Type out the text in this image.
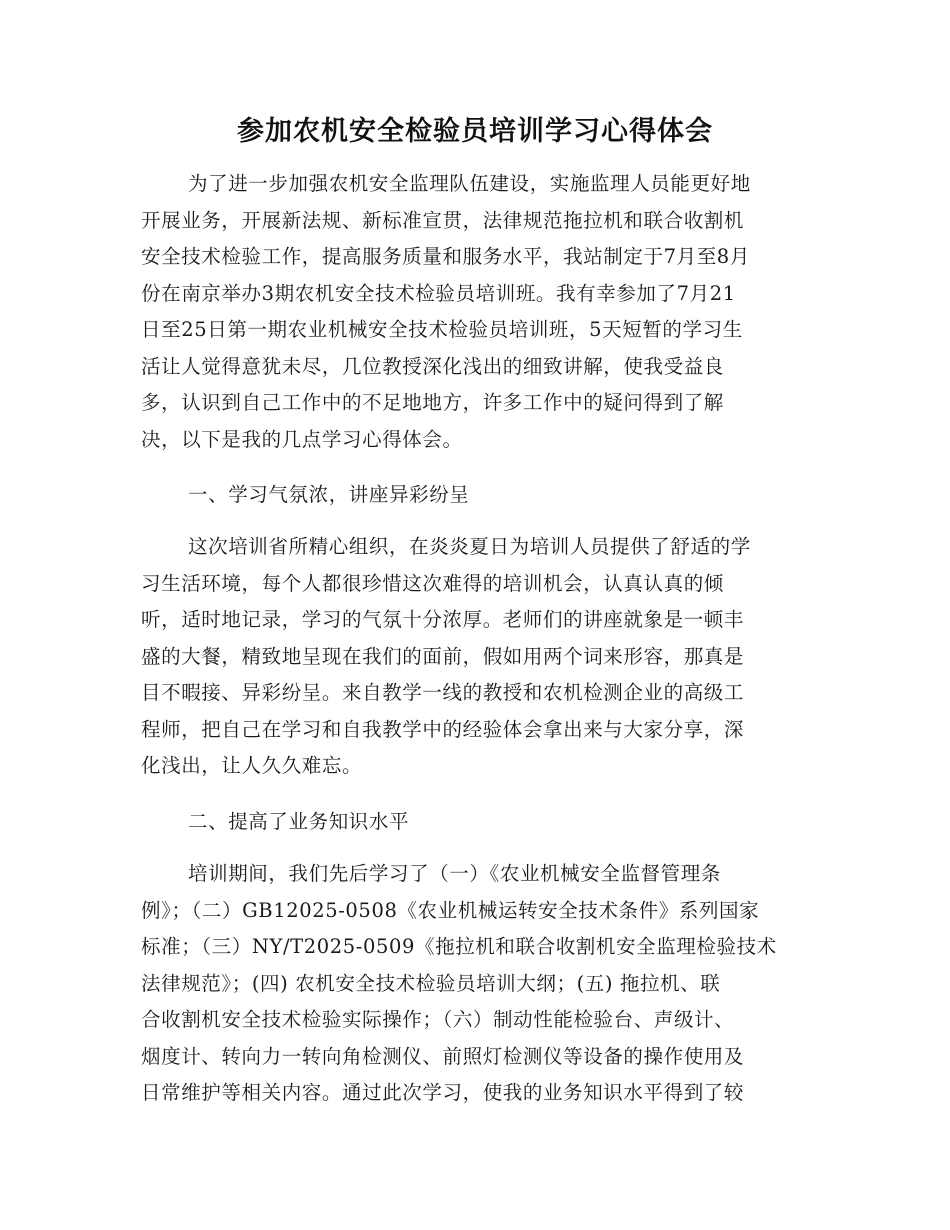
参加农机安全检验员培训学习心得体会
为了进一步加强农机安全监理队伍建设，实施监理人员能更好地
开展业务，开展新法规、新标准宣贯，法律规范拖拉机和联合收割机
安全技术检验工作，提高服务质量和服务水平，我站制定于7月至8月
份在南京举办3期农机安全技术检验员培训班。我有幸参加了7月21
日至25日第一期农业机械安全技术检验员培训班，5天短暂的学习生
活让人觉得意犹未尽，几位教授深化浅出的细致讲解，使我受益良
多，认识到自己工作中的不足地地方，许多工作中的疑问得到了解
决，以下是我的几点学习心得体会。
一、学习气氛浓，讲座异彩纷呈
这次培训省所精心组织，在炎炎夏日为培训人员提供了舒适的学
习生活环境，每个人都很珍惜这次难得的培训机会，认真认真的倾
听，适时地记录，学习的气氛十分浓厚。老师们的讲座就象是一顿丰
盛的大餐，精致地呈现在我们的面前，假如用两个词来形容，那真是
目不暇接、异彩纷呈。来自教学一线的教授和农机检测企业的高级工
程师，把自己在学习和自我教学中的经验体会拿出来与大家分享，深
化浅出，让人久久难忘。
二、提高了业务知识水平
培训期间，我们先后学习了（一）《农业机械安全监督管理条
例》；（二）GB12025-0508《农业机械运转安全技术条件》系列国家
标准；（三）NY/T2025-0509《拖拉机和联合收割机安全监理检验技术
法律规范》；(四) 农机安全技术检验员培训大纲；(五) 拖拉机、联
合收割机安全技术检验实际操作；（六）制动性能检验台、声级计、
烟度计、转向力一转向角检测仪、前照灯检测仪等设备的操作使用及
日常维护等相关内容。通过此次学习，使我的业务知识水平得到了较
